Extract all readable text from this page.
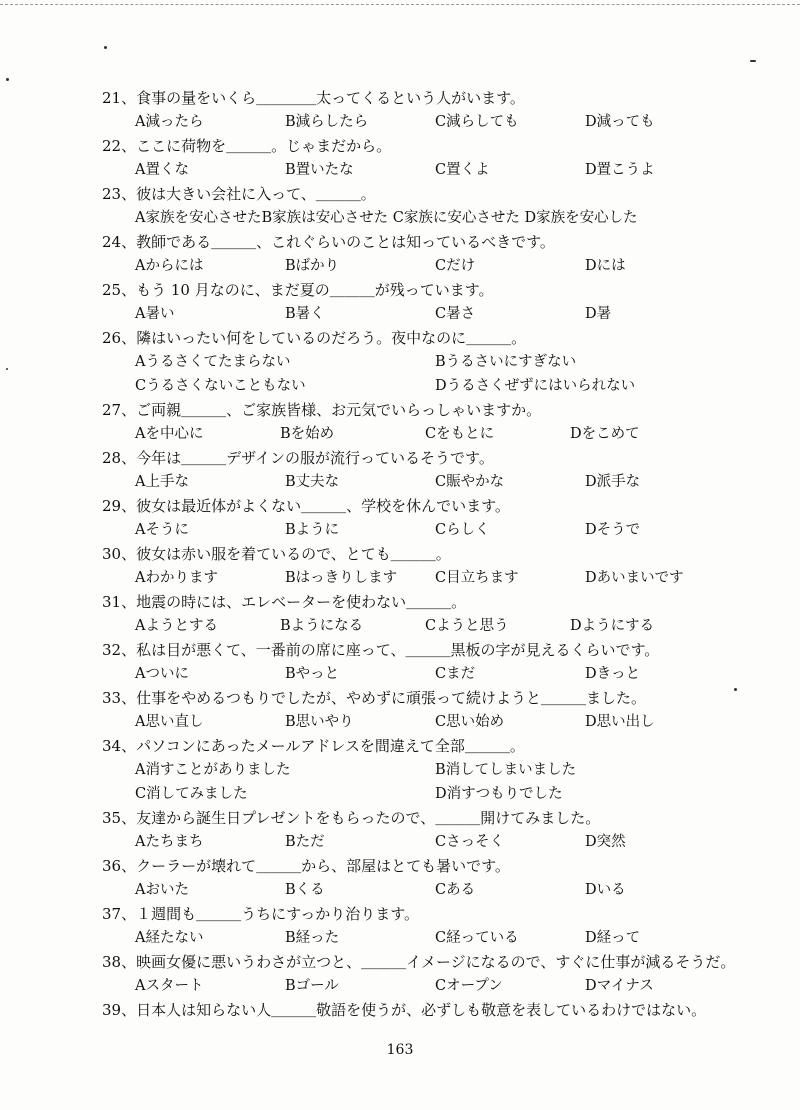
21、食事の量をいくら＿＿＿＿太ってくるという人がいます。
A減ったら	B減らしたら	C減らしても	D減っても
22、ここに荷物を＿＿＿。じゃまだから。
A置くな	B置いたな	C置くよ	D置こうよ
23、彼は大きい会社に入って、＿＿＿。
A家族を安心させたB家族は安心させた C家族に安心させた D家族を安心した
24、教師である＿＿＿、これぐらいのことは知っているべきです。
Aからには	Bばかり	Cだけ	Dには
25、もう 10 月なのに、まだ夏の＿＿＿が残っています。
A暑い	B暑く	C暑さ	D暑
26、隣はいったい何をしているのだろう。夜中なのに＿＿＿。
Aうるさくてたまらない	Bうるさいにすぎない
Cうるさくないこともない	Dうるさくぜずにはいられない
27、ご両親＿＿＿、ご家族皆様、お元気でいらっしゃいますか。
Aを中心に	Bを始め	Cをもとに	Dをこめて
28、今年は＿＿＿デザインの服が流行っているそうです。
A上手な	B丈夫な	C賑やかな	D派手な
29、彼女は最近体がよくない＿＿＿、学校を休んでいます。
Aそうに	Bように	Cらしく	Dそうで
30、彼女は赤い服を着ているので、とても＿＿＿。
Aわかります	Bはっきりします	C目立ちます	Dあいまいです
31、地震の時には、エレベーターを使わない＿＿＿。
Aようとする	Bようになる	Cようと思う	Dようにする
32、私は目が悪くて、一番前の席に座って、＿＿＿黒板の字が見えるくらいです。
Aついに	Bやっと	Cまだ	Dきっと
33、仕事をやめるつもりでしたが、やめずに頑張って続けようと＿＿＿ました。
A思い直し	B思いやり	C思い始め	D思い出し
34、パソコンにあったメールアドレスを間違えて全部＿＿＿。
A消すことがありました	B消してしまいました
C消してみました	D消すつもりでした
35、友達から誕生日プレゼントをもらったので、＿＿＿開けてみました。
Aたちまち	Bただ	Cさっそく	D突然
36、クーラーが壊れて＿＿＿から、部屋はとても暑いです。
Aおいた	Bくる	Cある	Dいる
37、１週間も＿＿＿うちにすっかり治ります。
A経たない	B経った	C経っている	D経って
38、映画女優に悪いうわさが立つと、＿＿＿イメージになるので、すぐに仕事が減るそうだ。
Aスタート	Bゴール	Cオープン	Dマイナス
39、日本人は知らない人＿＿＿敬語を使うが、必ずしも敬意を表しているわけではない。
163
